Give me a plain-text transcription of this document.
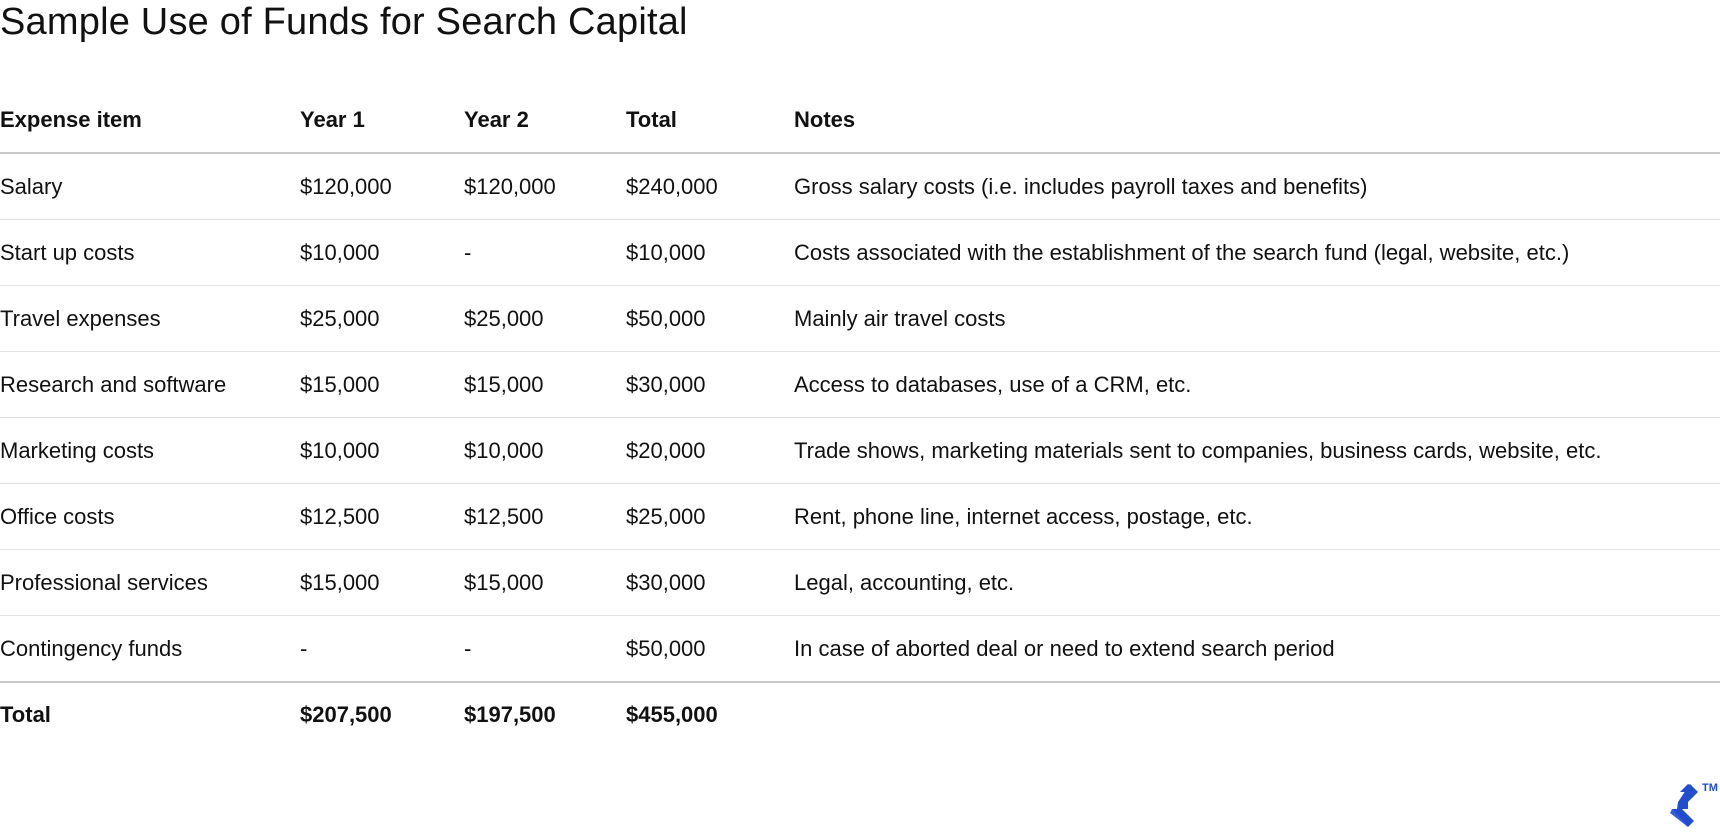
Sample Use of Funds for Search Capital
Expense item	Year 1	Year 2	Total	Notes
Salary	$120,000	$120,000	$240,000	Gross salary costs (i.e. includes payroll taxes and benefits)
Start up costs	$10,000	-	$10,000	Costs associated with the establishment of the search fund (legal, website, etc.)
Travel expenses	$25,000	$25,000	$50,000	Mainly air travel costs
Research and software	$15,000	$15,000	$30,000	Access to databases, use of a CRM, etc.
Marketing costs	$10,000	$10,000	$20,000	Trade shows, marketing materials sent to companies, business cards, website, etc.
Office costs	$12,500	$12,500	$25,000	Rent, phone line, internet access, postage, etc.
Professional services	$15,000	$15,000	$30,000	Legal, accounting, etc.
Contingency funds	-	-	$50,000	In case of aborted deal or need to extend search period
Total	$207,500	$197,500	$455,000	
TM
